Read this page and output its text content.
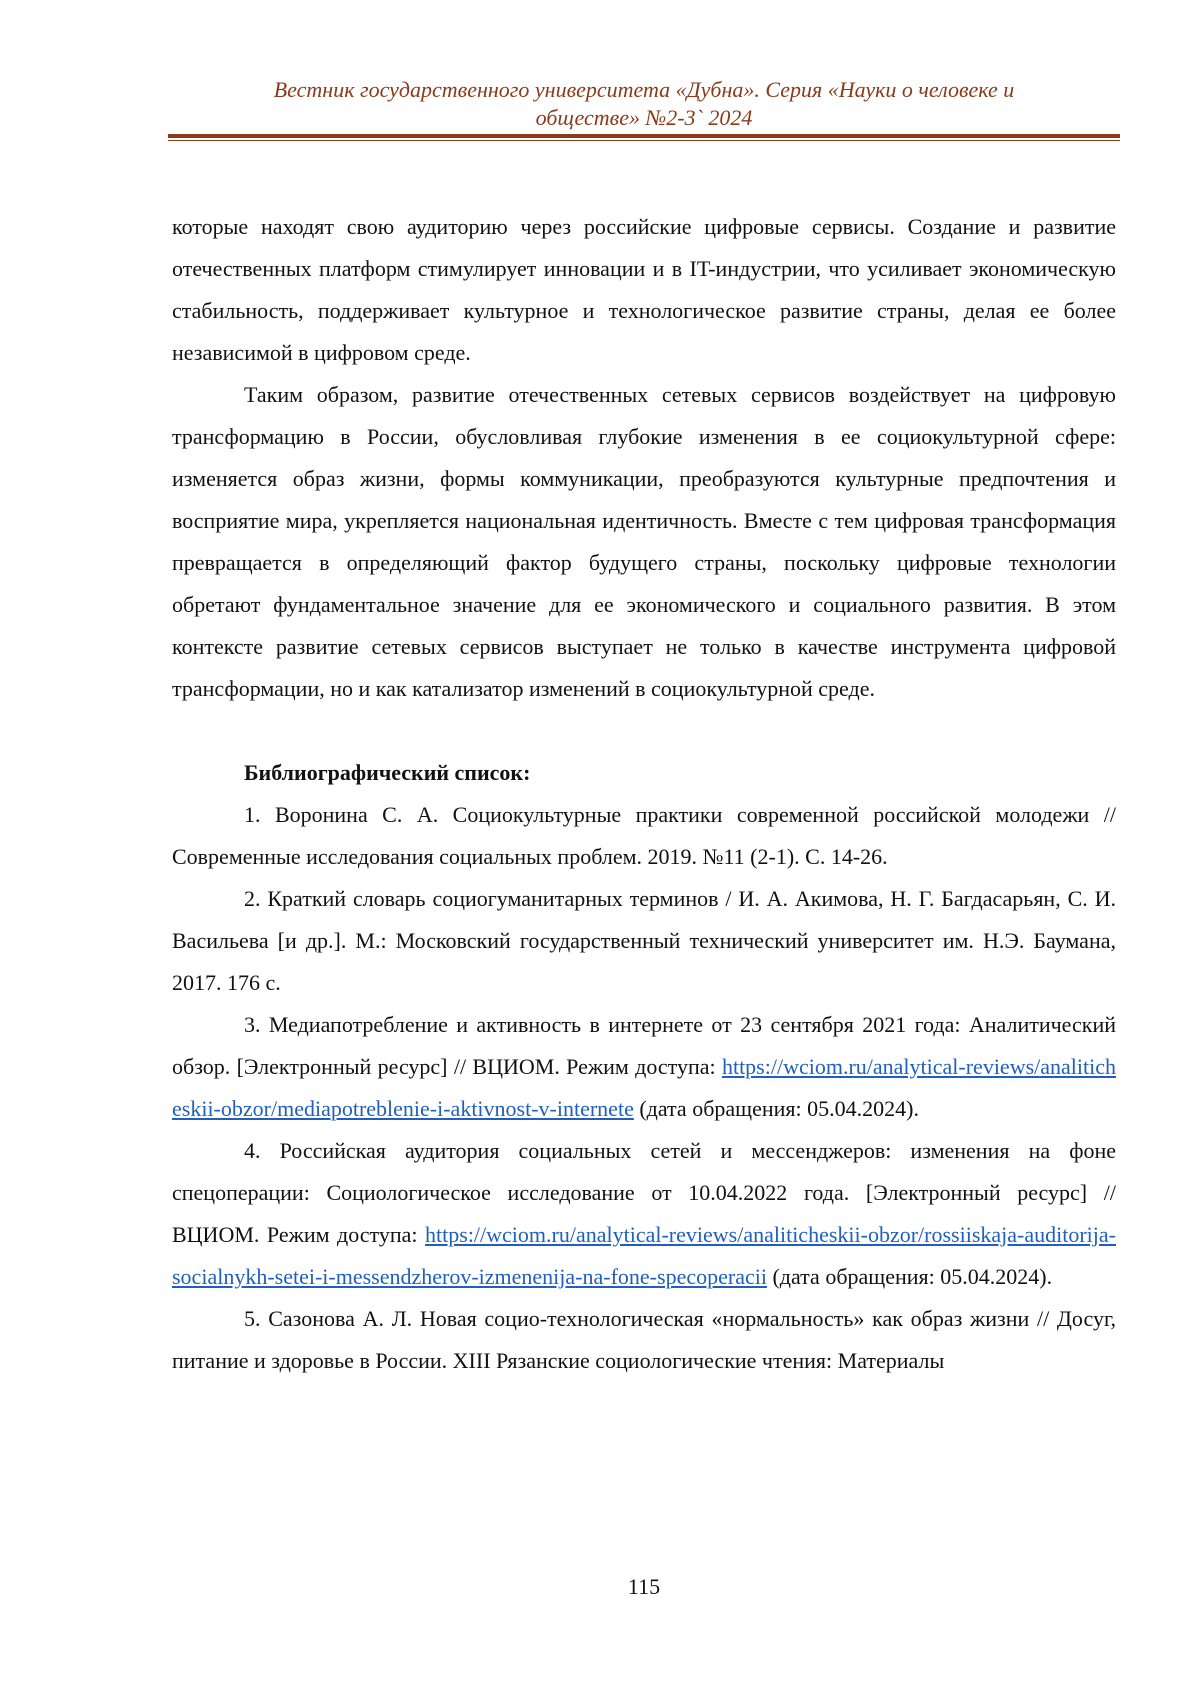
Вестник государственного университета «Дубна». Серия «Науки о человеке и
обществе» №2-3` 2024

которые находят свою аудиторию через российские цифровые сервисы. Создание и развитие отечественных платформ стимулирует инновации и в IT-индустрии, что усиливает экономическую стабильность, поддерживает культурное и технологическое развитие страны, делая ее более независимой в цифровом среде.

Таким образом, развитие отечественных сетевых сервисов воздействует на цифровую трансформацию в России, обусловливая глубокие изменения в ее социокультурной сфере: изменяется образ жизни, формы коммуникации, преобразуются культурные предпочтения и восприятие мира, укрепляется национальная идентичность. Вместе с тем цифровая трансформация превращается в определяющий фактор будущего страны, поскольку цифровые технологии обретают фундаментальное значение для ее экономического и социального развития. В этом контексте развитие сетевых сервисов выступает не только в качестве инструмента цифровой трансформации, но и как катализатор изменений в социокультурной среде.

Библиографический список:

1. Воронина С. А. Социокультурные практики современной российской молодежи // Современные исследования социальных проблем. 2019. №11 (2-1). С. 14-26.

2. Краткий словарь социогуманитарных терминов / И. А. Акимова, Н. Г. Багдасарьян, С. И. Васильева [и др.]. М.: Московский государственный технический университет им. Н.Э. Баумана, 2017. 176 с.

3. Медиапотребление и активность в интернете от 23 сентября 2021 года: Аналитический обзор. [Электронный ресурс] // ВЦИОМ. Режим доступа: https://wciom.ru/analytical-reviews/analiticheskii-obzor/mediapotreblenie-i-aktivnost-v-internete (дата обращения: 05.04.2024).

4. Российская аудитория социальных сетей и мессенджеров: изменения на фоне спецоперации: Социологическое исследование от 10.04.2022 года. [Электронный ресурс] // ВЦИОМ. Режим доступа: https://wciom.ru/analytical-reviews/analiticheskii-obzor/rossiiskaja-auditorija-socialnykh-setei-i-messendzherov-izmenenija-na-fone-specoperacii (дата обращения: 05.04.2024).

5. Сазонова А. Л. Новая социо-технологическая «нормальность» как образ жизни // Досуг, питание и здоровье в России. XIII Рязанские социологические чтения: Материалы

115
